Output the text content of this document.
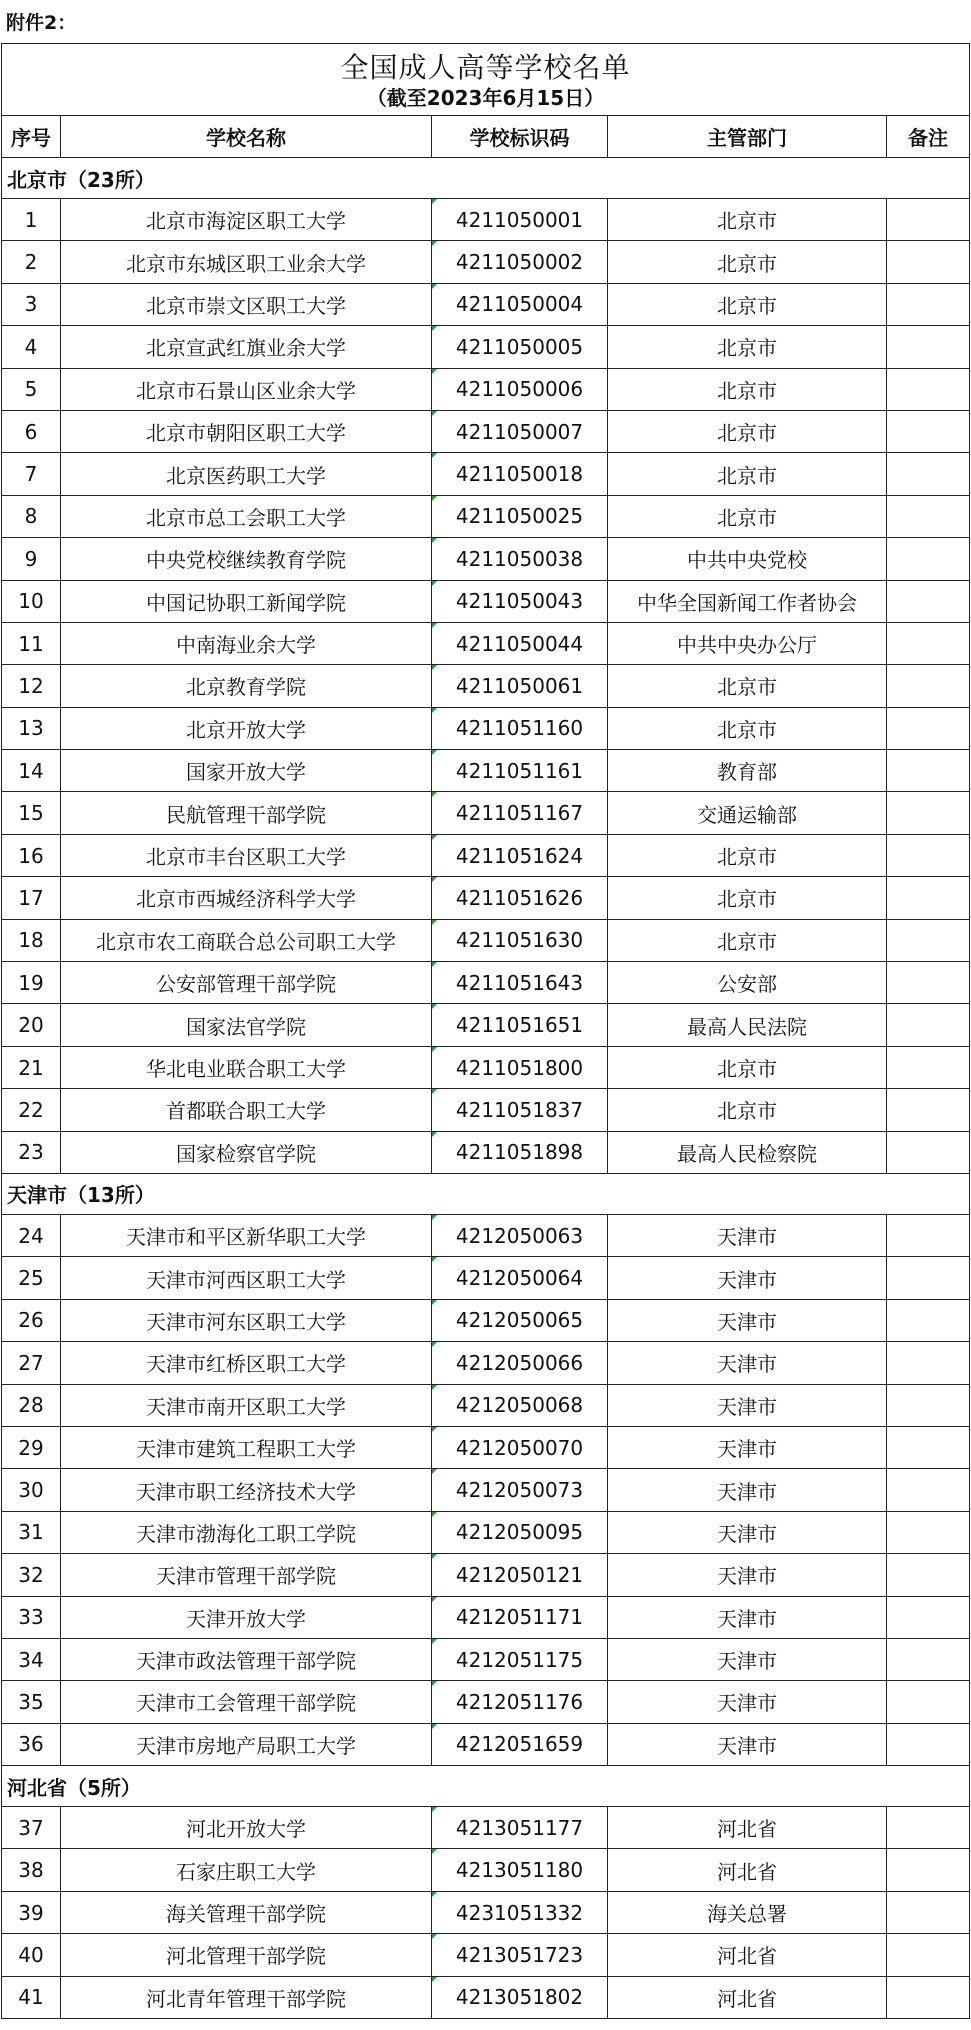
附件2：
全国成人高等学校名单
（截至2023年6月15日）				

序号	学校名称	学校标识码	主管部门	备注
北京市（23所）				
1	北京市海淀区职工大学	4211050001	北京市	
2	北京市东城区职工业余大学	4211050002	北京市	
3	北京市崇文区职工大学	4211050004	北京市	
4	北京宣武红旗业余大学	4211050005	北京市	
5	北京市石景山区业余大学	4211050006	北京市	
6	北京市朝阳区职工大学	4211050007	北京市	
7	北京医药职工大学	4211050018	北京市	
8	北京市总工会职工大学	4211050025	北京市	
9	中央党校继续教育学院	4211050038	中共中央党校	
10	中国记协职工新闻学院	4211050043	中华全国新闻工作者协会	
11	中南海业余大学	4211050044	中共中央办公厅	
12	北京教育学院	4211050061	北京市	
13	北京开放大学	4211051160	北京市	
14	国家开放大学	4211051161	教育部	
15	民航管理干部学院	4211051167	交通运输部	
16	北京市丰台区职工大学	4211051624	北京市	
17	北京市西城经济科学大学	4211051626	北京市	
18	北京市农工商联合总公司职工大学	4211051630	北京市	
19	公安部管理干部学院	4211051643	公安部	
20	国家法官学院	4211051651	最高人民法院	
21	华北电业联合职工大学	4211051800	北京市	
22	首都联合职工大学	4211051837	北京市	
23	国家检察官学院	4211051898	最高人民检察院	
天津市（13所）				
24	天津市和平区新华职工大学	4212050063	天津市	
25	天津市河西区职工大学	4212050064	天津市	
26	天津市河东区职工大学	4212050065	天津市	
27	天津市红桥区职工大学	4212050066	天津市	
28	天津市南开区职工大学	4212050068	天津市	
29	天津市建筑工程职工大学	4212050070	天津市	
30	天津市职工经济技术大学	4212050073	天津市	
31	天津市渤海化工职工学院	4212050095	天津市	
32	天津市管理干部学院	4212050121	天津市	
33	天津开放大学	4212051171	天津市	
34	天津市政法管理干部学院	4212051175	天津市	
35	天津市工会管理干部学院	4212051176	天津市	
36	天津市房地产局职工大学	4212051659	天津市	
河北省（5所）				
37	河北开放大学	4213051177	河北省	
38	石家庄职工大学	4213051180	河北省	
39	海关管理干部学院	4231051332	海关总署	
40	河北管理干部学院	4213051723	河北省	
41	河北青年管理干部学院	4213051802	河北省	
